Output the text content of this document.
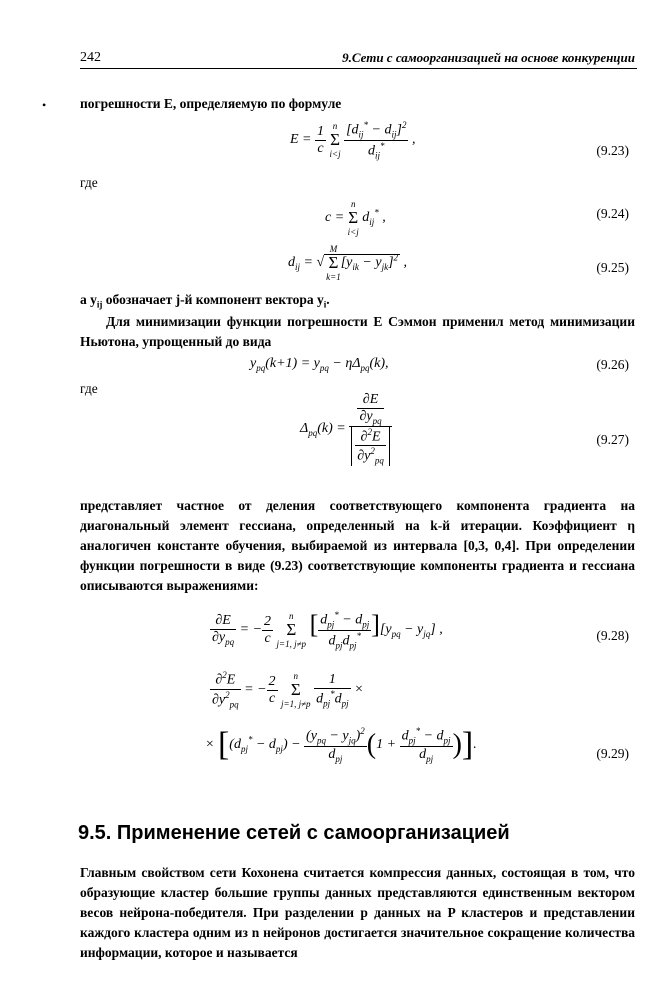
242	9.Сети с самоорганизацией на основе конкуренции
•	погрешности E, определяемую по формуле
$E = \frac{1}{c}$ n
Σ
$i<j \frac{[d_{ij}^* - d_{ij}]^2}{d_{ij}^*}$ ,
(9.23)
где
c = n
Σ
i<j $d_{ij}^*$ ,	(9.24)
$d_{ij} = √M$
Σ
$k=1[y_{ik} - y_{jk}]^2$ ,	(9.25)
а $y_{ij}$ обозначает j-й компонент вектора $y_i$.
Для минимизации функции погрешности E Сэммон применил метод минимизации Ньютона, упрощенный до вида
$y_{pq}(k+1) = y_{pq} - \eta\Delta_{pq}(k)$,	(9.26)
где
$\Delta_{pq}(k) = \frac{\frac{\partial E}{\partial y_{pq}}}{\frac{\partial^2E}{\partial y^2_{pq}}}$	(9.27)
представляет частное от деления соответствующего компонента градиента на диагональный элемент гессиана, определенный на k-й итерации. Коэффициент η аналогичен константе обучения, выбираемой из интервала [0,3, 0,4]. При определении функции погрешности в виде (9.23) соответствующие компоненты градиента и гессиана описываются выражениями:
$\frac{\partial E}{\partial y_{pq}}$ = − $\frac{2}{c}$ n
Σ
j=1, j≠p [ $\frac{d_{pj}^* - d_{pj}}{d_{pj}d_{pj}^*} ][y_{pq} - y_{jq}]$ ,	(9.28)
$\frac{\partial^2E}{\partial y^2_{pq}}$ = − $\frac{2}{c}$ n
Σ
j=1, $j\ne p \frac{1}{d_{pj}^*d_{pj}}$ ×
× [$(d_{pj}^* - d_{pj}) - \frac{(y_{pq} - y_{jq})^2}{d_{pj}} (1 + \frac{d_{pj}^* - d_{pj}}{d_{pj}}$ )].
(9.29)
9.5. Применение сетей с самоорганизацией
Главным свойством сети Кохонена считается компрессия данных, состоящая в том, что образующие кластер большие группы данных представляются единственным вектором весов нейрона-победителя. При разделении p данных на P кластеров и представлении каждого кластера одним из n нейронов достигается значительное сокращение количества информации, которое и называется
